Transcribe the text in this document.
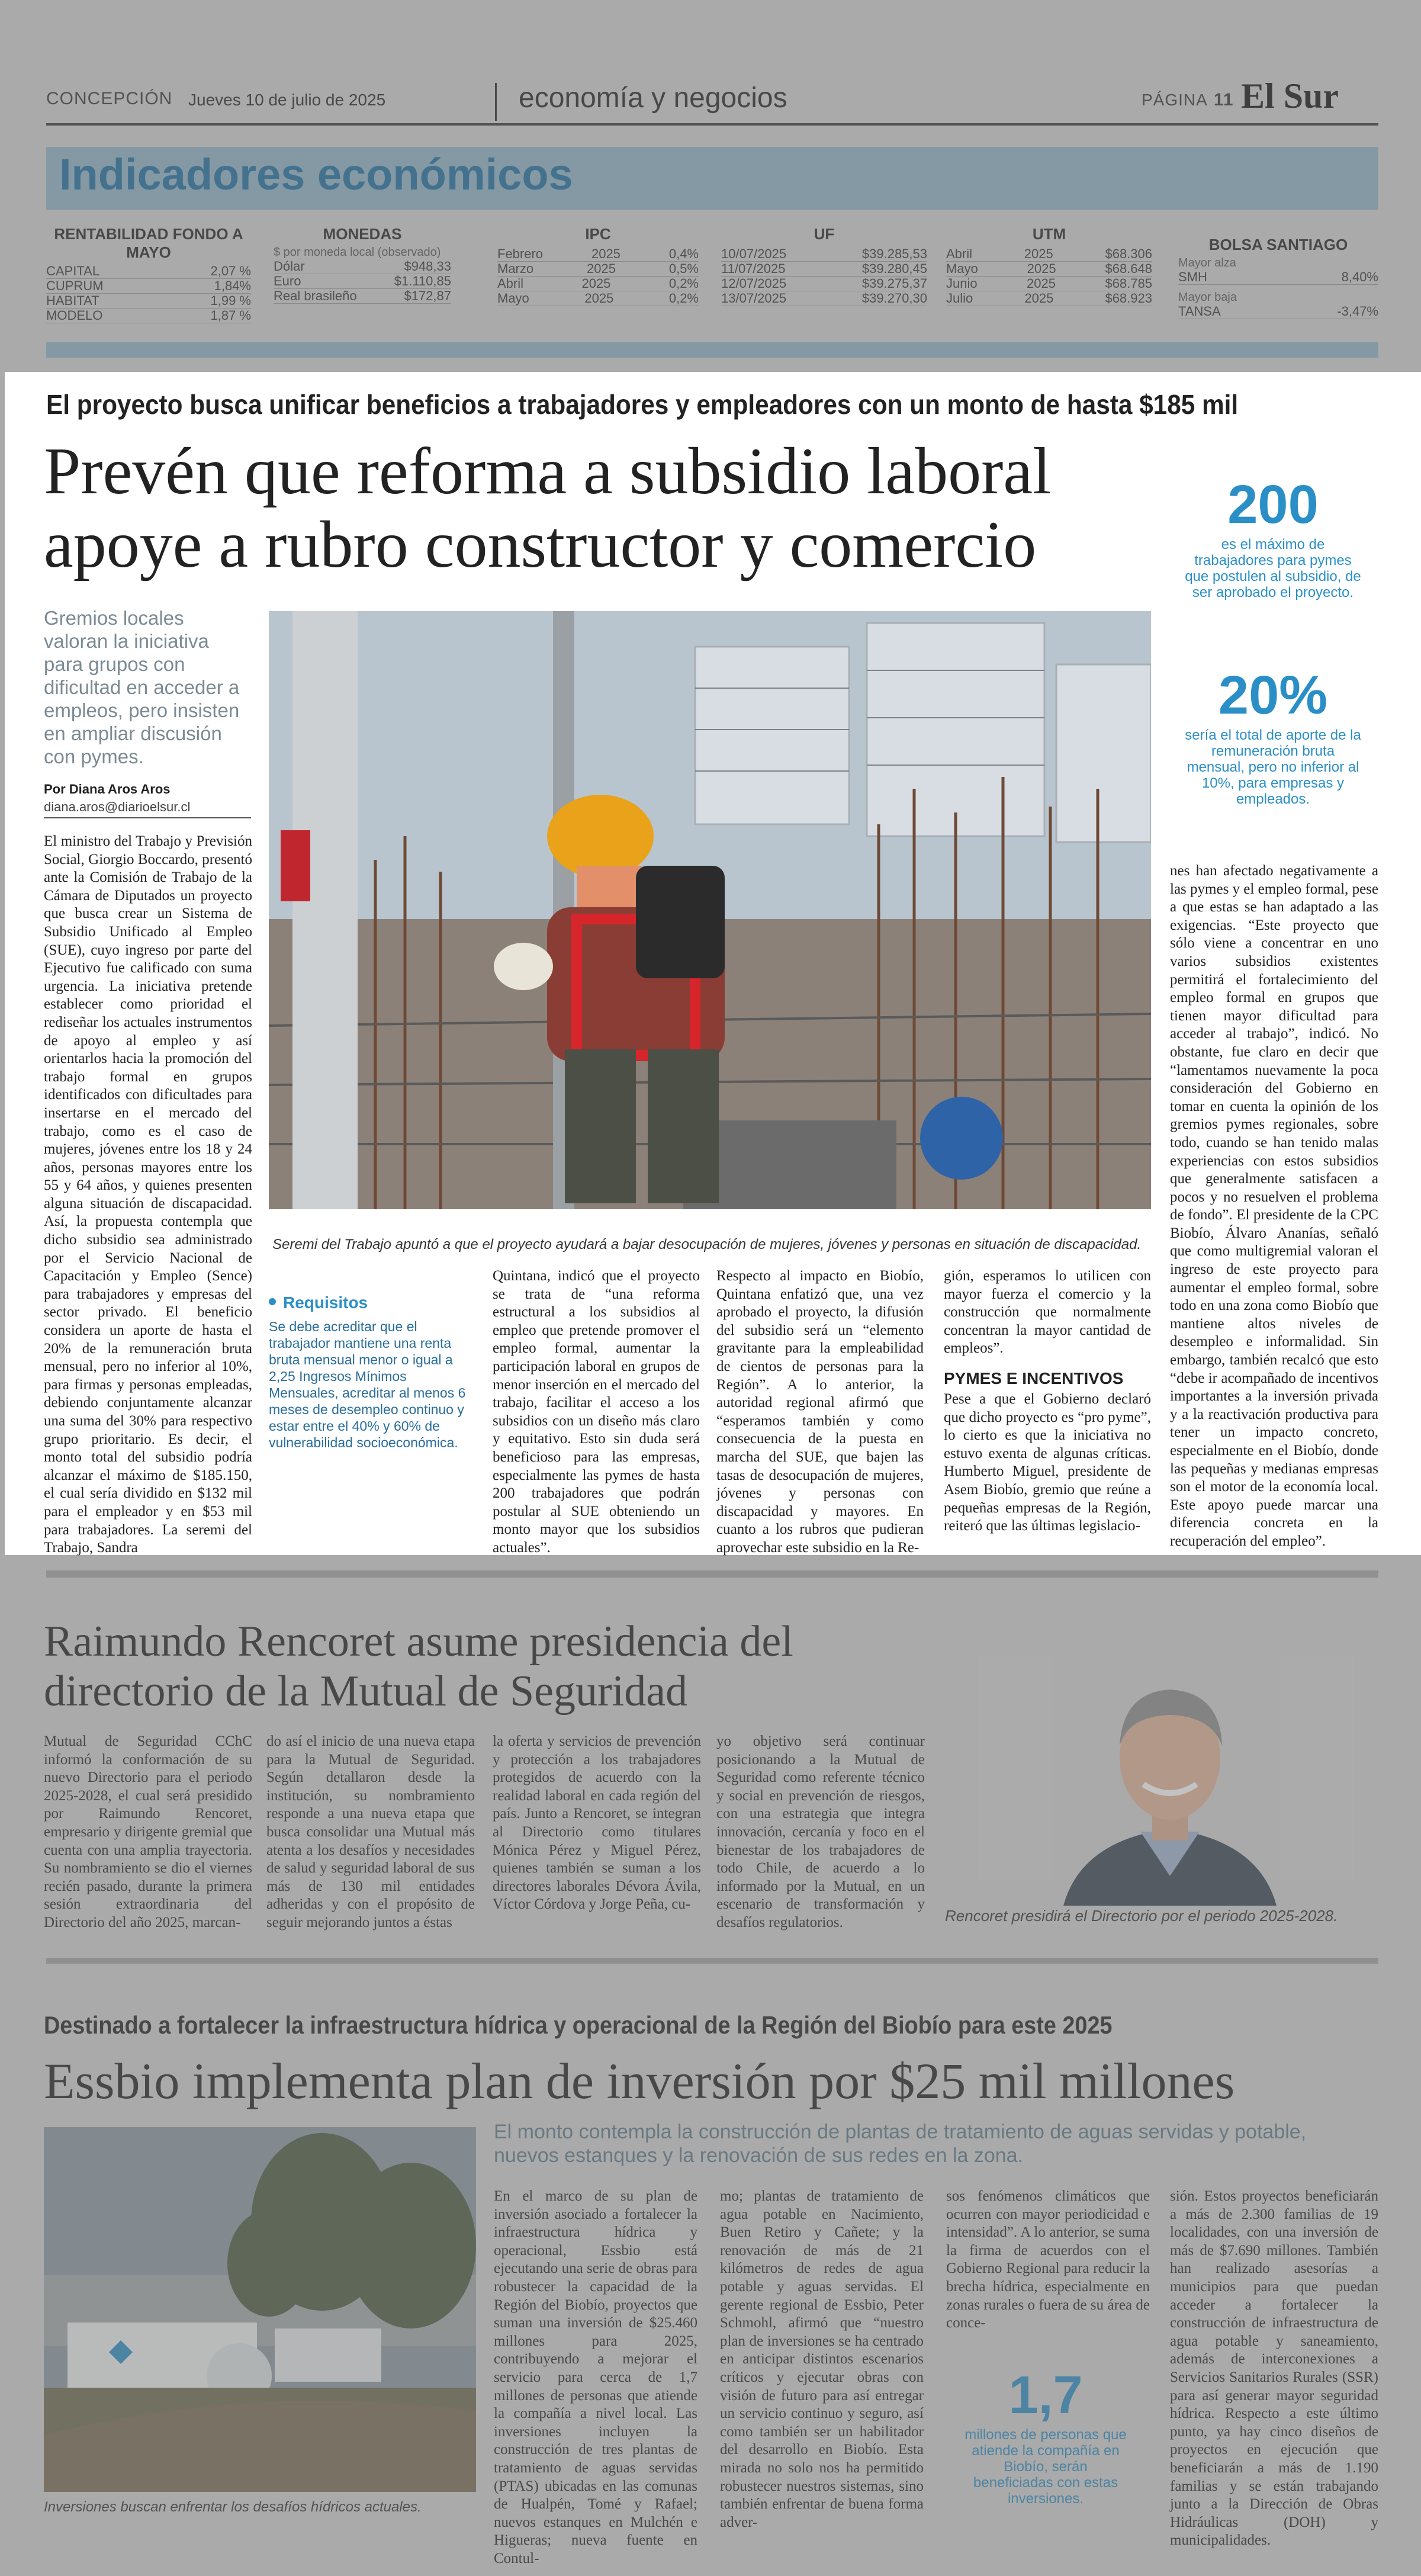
CONCEPCIÓN Jueves 10 de julio de 2025	economía y negocios	PÁGINA 11 El Sur
Indicadores económicos
RENTABILIDAD FONDO A MAYO
CAPITAL	2,07 %
CUPRUM	1,84%
HABITAT	1,99 %
MODELO	1,87 %
MONEDAS
$ por moneda local (observado)
Dólar	$948,33
Euro	$1.110,85
Real brasileño	$172,87
IPC
Febrero	2025	0,4%
Marzo	2025	0,5%
Abril	2025	0,2%
Mayo	2025	0,2%
UF
10/07/2025	$39.285,53
11/07/2025	$39.280,45
12/07/2025	$39.275,37
13/07/2025	$39.270,30
UTM
Abril	2025	$68.306
Mayo	2025	$68.648
Junio	2025	$68.785
Julio	2025	$68.923
BOLSA SANTIAGO
Mayor alza
SMH	8,40%
Mayor baja
TANSA	-3,47%
El proyecto busca unificar beneficios a trabajadores y empleadores con un monto de hasta $185 mil
Prevén que reforma a subsidio laboral apoye a rubro constructor y comercio
Gremios locales valoran la iniciativa para grupos con dificultad en acceder a empleos, pero insisten en ampliar discusión con pymes.
Por Diana Aros Aros
diana.aros@diarioelsur.cl
Seremi del Trabajo apuntó a que el proyecto ayudará a bajar desocupación de mujeres, jóvenes y personas en situación de discapacidad.
200
es el máximo de trabajadores para pymes que postulen al subsidio, de ser aprobado el proyecto.
20%
sería el total de aporte de la remuneración bruta mensual, pero no inferior al 10%, para empresas y empleados.
El ministro del Trabajo y Previsión Social, Giorgio Boccardo, presentó ante la Comisión de Trabajo de la Cámara de Diputados un proyecto que busca crear un Sistema de Subsidio Unificado al Empleo (SUE), cuyo ingreso por parte del Ejecutivo fue calificado con suma urgencia. La iniciativa pretende establecer como prioridad el rediseñar los actuales instrumentos de apoyo al empleo y así orientarlos hacia la promoción del trabajo formal en grupos identificados con dificultades para insertarse en el mercado del trabajo, como es el caso de mujeres, jóvenes entre los 18 y 24 años, personas mayores entre los 55 y 64 años, y quienes presenten alguna situación de discapacidad. Así, la propuesta contempla que dicho subsidio sea administrado por el Servicio Nacional de Capacitación y Empleo (Sence) para trabajadores y empresas del sector privado. El beneficio considera un aporte de hasta el 20% de la remuneración bruta mensual, pero no inferior al 10%, para firmas y personas empleadas, debiendo conjuntamente alcanzar una suma del 30% para respectivo grupo prioritario. Es decir, el monto total del subsidio podría alcanzar el máximo de $185.150, el cual sería dividido en $132 mil para el empleador y en $53 mil para trabajadores. La seremi del Trabajo, Sandra
Requisitos
Se debe acreditar que el trabajador mantiene una renta bruta mensual menor o igual a 2,25 Ingresos Mínimos Mensuales, acreditar al menos 6 meses de desempleo continuo y estar entre el 40% y 60% de vulnerabilidad socioeconómica.
Quintana, indicó que el proyecto se trata de “una reforma estructural a los subsidios al empleo que pretende promover el empleo formal, aumentar la participación laboral en grupos de menor inserción en el mercado del trabajo, facilitar el acceso a los subsidios con un diseño más claro y equitativo. Esto sin duda será beneficioso para las empresas, especialmente las pymes de hasta 200 trabajadores que podrán postular al SUE obteniendo un monto mayor que los subsidios actuales”.
Respecto al impacto en Biobío, Quintana enfatizó que, una vez aprobado el proyecto, la difusión del subsidio será un “elemento gravitante para la empleabilidad de cientos de personas para la Región”. A lo anterior, la autoridad regional afirmó que “esperamos también y como consecuencia de la puesta en marcha del SUE, que bajen las tasas de desocupación de mujeres, jóvenes y personas con discapacidad y mayores. En cuanto a los rubros que pudieran aprovechar este subsidio en la Re-
gión, esperamos lo utilicen con mayor fuerza el comercio y la construcción que normalmente concentran la mayor cantidad de empleos”.
PYMES E INCENTIVOS
Pese a que el Gobierno declaró que dicho proyecto es “pro pyme”, lo cierto es que la iniciativa no estuvo exenta de algunas críticas. Humberto Miguel, presidente de Asem Biobío, gremio que reúne a pequeñas empresas de la Región, reiteró que las últimas legislacio-
nes han afectado negativamente a las pymes y el empleo formal, pese a que estas se han adaptado a las exigencias. “Este proyecto que sólo viene a concentrar en uno varios subsidios existentes permitirá el fortalecimiento del empleo formal en grupos que tienen mayor dificultad para acceder al trabajo”, indicó. No obstante, fue claro en decir que “lamentamos nuevamente la poca consideración del Gobierno en tomar en cuenta la opinión de los gremios pymes regionales, sobre todo, cuando se han tenido malas experiencias con estos subsidios que generalmente satisfacen a pocos y no resuelven el problema de fondo”. El presidente de la CPC Biobío, Álvaro Ananías, señaló que como multigremial valoran el ingreso de este proyecto para aumentar el empleo formal, sobre todo en una zona como Biobío que mantiene altos niveles de desempleo e informalidad. Sin embargo, también recalcó que esto “debe ir acompañado de incentivos importantes a la inversión privada y a la reactivación productiva para tener un impacto concreto, especialmente en el Biobío, donde las pequeñas y medianas empresas son el motor de la economía local. Este apoyo puede marcar una diferencia concreta en la recuperación del empleo”.
Raimundo Rencoret asume presidencia del directorio de la Mutual de Seguridad
Mutual de Seguridad CChC informó la conformación de su nuevo Directorio para el periodo 2025-2028, el cual será presidido por Raimundo Rencoret, empresario y dirigente gremial que cuenta con una amplia trayectoria. Su nombramiento se dio el viernes recién pasado, durante la primera sesión extraordinaria del Directorio del año 2025, marcan-
do así el inicio de una nueva etapa para la Mutual de Seguridad. Según detallaron desde la institución, su nombramiento responde a una nueva etapa que busca consolidar una Mutual más atenta a los desafíos y necesidades de salud y seguridad laboral de sus más de 130 mil entidades adheridas y con el propósito de seguir mejorando juntos a éstas
la oferta y servicios de prevención y protección a los trabajadores protegidos de acuerdo con la realidad laboral en cada región del país. Junto a Rencoret, se integran al Directorio como titulares Mónica Pérez y Miguel Pérez, quienes también se suman a los directores laborales Dévora Ávila, Víctor Córdova y Jorge Peña, cu-
yo objetivo será continuar posicionando a la Mutual de Seguridad como referente técnico y social en prevención de riesgos, con una estrategia que integra innovación, cercanía y foco en el bienestar de los trabajadores de todo Chile, de acuerdo a lo informado por la Mutual, en un escenario de transformación y desafíos regulatorios.	Rencoret presidirá el Directorio por el periodo 2025-2028.
Destinado a fortalecer la infraestructura hídrica y operacional de la Región del Biobío para este 2025
Essbio implementa plan de inversión por $25 mil millones
El monto contempla la construcción de plantas de tratamiento de aguas servidas y potable, nuevos estanques y la renovación de sus redes en la zona.
Inversiones buscan enfrentar los desafíos hídricos actuales.
En el marco de su plan de inversión asociado a fortalecer la infraestructura hídrica y operacional, Essbio está ejecutando una serie de obras para robustecer la capacidad de la Región del Biobío, proyectos que suman una inversión de $25.460 millones para 2025, contribuyendo a mejorar el servicio para cerca de 1,7 millones de personas que atiende la compañía a nivel local. Las inversiones incluyen la construcción de tres plantas de tratamiento de aguas servidas (PTAS) ubicadas en las comunas de Hualpén, Tomé y Rafael; nuevos estanques en Mulchén e Higueras; nueva fuente en Contul-
mo; plantas de tratamiento de agua potable en Nacimiento, Buen Retiro y Cañete; y la renovación de más de 21 kilómetros de redes de agua potable y aguas servidas. El gerente regional de Essbio, Peter Schmohl, afirmó que “nuestro plan de inversiones se ha centrado en anticipar distintos escenarios críticos y ejecutar obras con visión de futuro para así entregar un servicio continuo y seguro, así como también ser un habilitador del desarrollo en Biobío. Esta mirada no solo nos ha permitido robustecer nuestros sistemas, sino también enfrentar de buena forma adver-
sos fenómenos climáticos que ocurren con mayor periodicidad e intensidad”. A lo anterior, se suma la firma de acuerdos con el Gobierno Regional para reducir la brecha hídrica, especialmente en zonas rurales o fuera de su área de conce-
1,7
millones de personas que atiende la compañía en Biobío, serán beneficiadas con estas inversiones.
sión. Estos proyectos beneficiarán a más de 2.300 familias de 19 localidades, con una inversión de más de $7.690 millones. También han realizado asesorías a municipios para que puedan acceder a fortalecer la construcción de infraestructura de agua potable y saneamiento, además de interconexiones a Servicios Sanitarios Rurales (SSR) para así generar mayor seguridad hídrica. Respecto a este último punto, ya hay cinco diseños de proyectos en ejecución que beneficiarán a más de 1.190 familias y se están trabajando junto a la Dirección de Obras Hidráulicas (DOH) y municipalidades.
